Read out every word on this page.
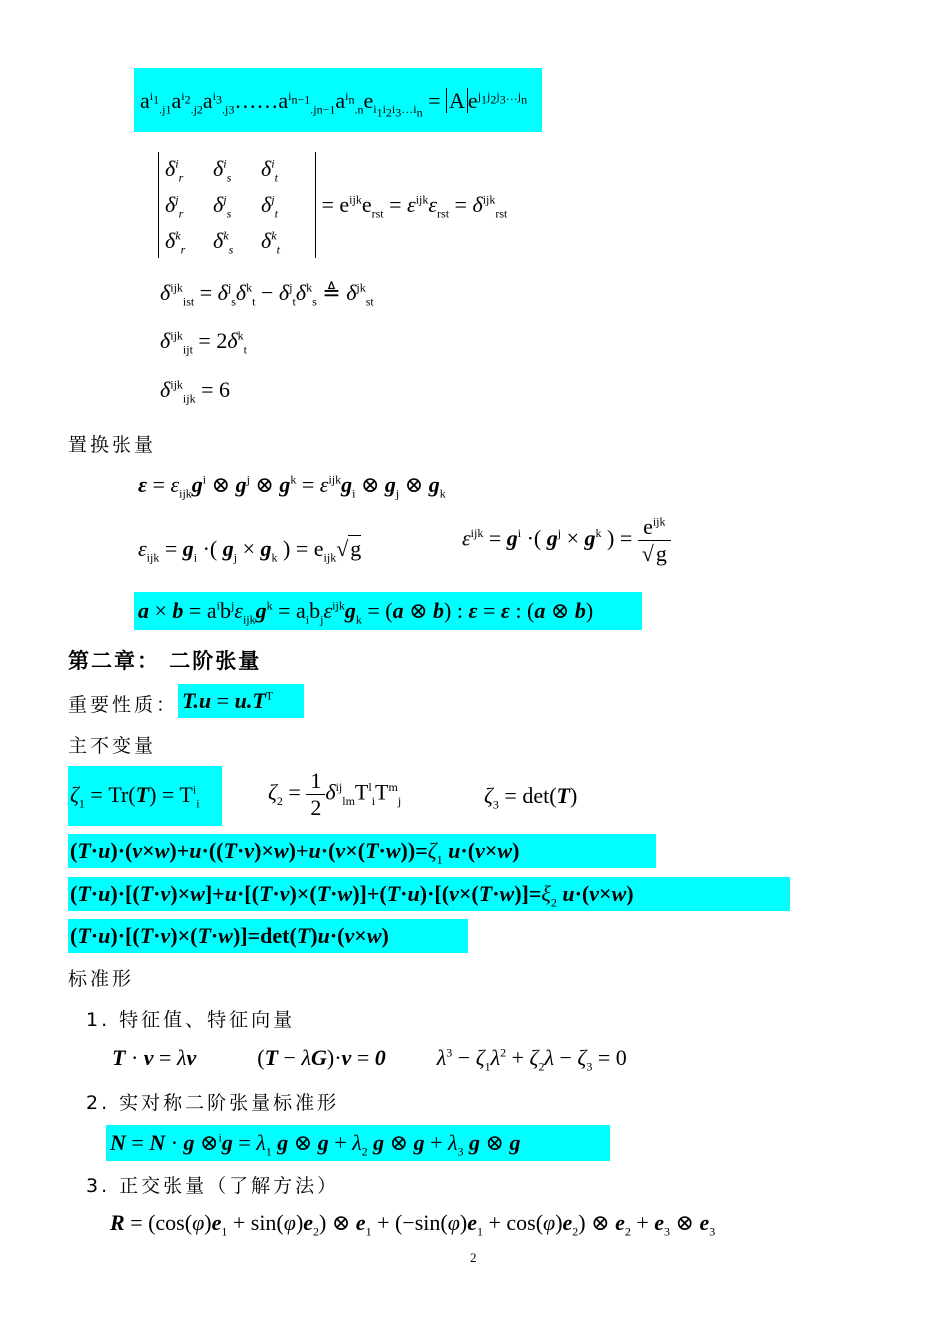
$a^{i_1}_{.j1}a^{i_2}_{.j2}a^{i_3}_{.j3}\dots\dots a^{i_{n-1}}_{.jn-1}a^{i_n}_{.n}e_{i_1i_2i_3\dots i_n} = A$ $e^{j_1j_2j_3\dots j_n}$
$\delta^i_r$	$\delta^i_s$	$\delta^i_t$
$\delta^j_r$	$\delta^j_s$	$\delta^j_t$
$\delta^k_r$	$\delta^k_s$	$\delta^k_t$
= $e^{ijk}e_{rst} = \varepsilon^{ijk}\varepsilon_{rst} = \delta^{ijk}_{rst}$
$\delta^{ijk}_{ist} = \delta^j_s\delta^k_t - \delta^j_t\delta^k_s$ ≜ $\delta^{jk}_{st}$
$\delta^{ijk}_{ijt} = 2\delta^k_t$
$\delta^{ijk}_{ijk} = 6$
置换张量
$\varepsilon = \varepsilon_{ijk}g^i$ ⊗ $g^j$ ⊗ $g^k = \varepsilon^{ijk}g_i$ ⊗ $g_j$ ⊗ $g_k$
$\varepsilon_{ijk} = g_i$ ·( $g_j \times g_k$ ) = $e_{ijk}√g$	$\varepsilon^{ijk} = g^i$ ·( $g^j \times g^k$ ) = $\frac{e^{ijk}}{√g}$
$a \times b = a^ib^j\varepsilon_{ijk}g^k = a_ib_j\varepsilon^{ijk}g_k = (a$ ⊗ b) : ε = ε : (a ⊗ b)
第二章： 二阶张量
重要性质： $T.u = u.T^T$
主不变量
$\zeta_1 = Tr(T) = T^i_i$	$\zeta_2 = \frac{1}{2} \delta^{ij}_{lm}T^l_iT^m_j$	$\zeta_3 = \det(T)$
$(T\cdot u)\cdot(v\times w)+u\cdot((T\cdot v)\times w)+u\cdot(v\times(T\cdot w))=\zeta_1$ u·(v×w)
$(T\cdot u)\cdot[(T\cdot v)\times w]+u\cdot[(T\cdot v)\times(T\cdot w)]+(T\cdot u)\cdot[(v\times(T\cdot w)]=\xi_2$ u·(v×w)
(T·u)·[(T·v)×(T·w)]=det(T)u·(v×w)
标准形
1. 特征值、特征向量
T · v = λv	(T − λG)·v = 0 $\lambda^3 - \zeta_1\lambda^2 + \zeta_2\lambda - \zeta_3 = 0$
2. 实对称二阶张量标准形
N = N · g ⊗$^i$g = $\lambda_1$ g ⊗ $g + \lambda_2$ g ⊗ $g + \lambda_3$ g ⊗ g
3. 正交张量（了解方法）
$R = (\cos(\varphi)e_1 + \sin(\varphi)e_2)$ ⊗ $e_1 + (-\sin(\varphi)e_1 + \cos(\varphi)e_2)$ ⊗ $e_2 + e_3$ ⊗ $e_3$
2
